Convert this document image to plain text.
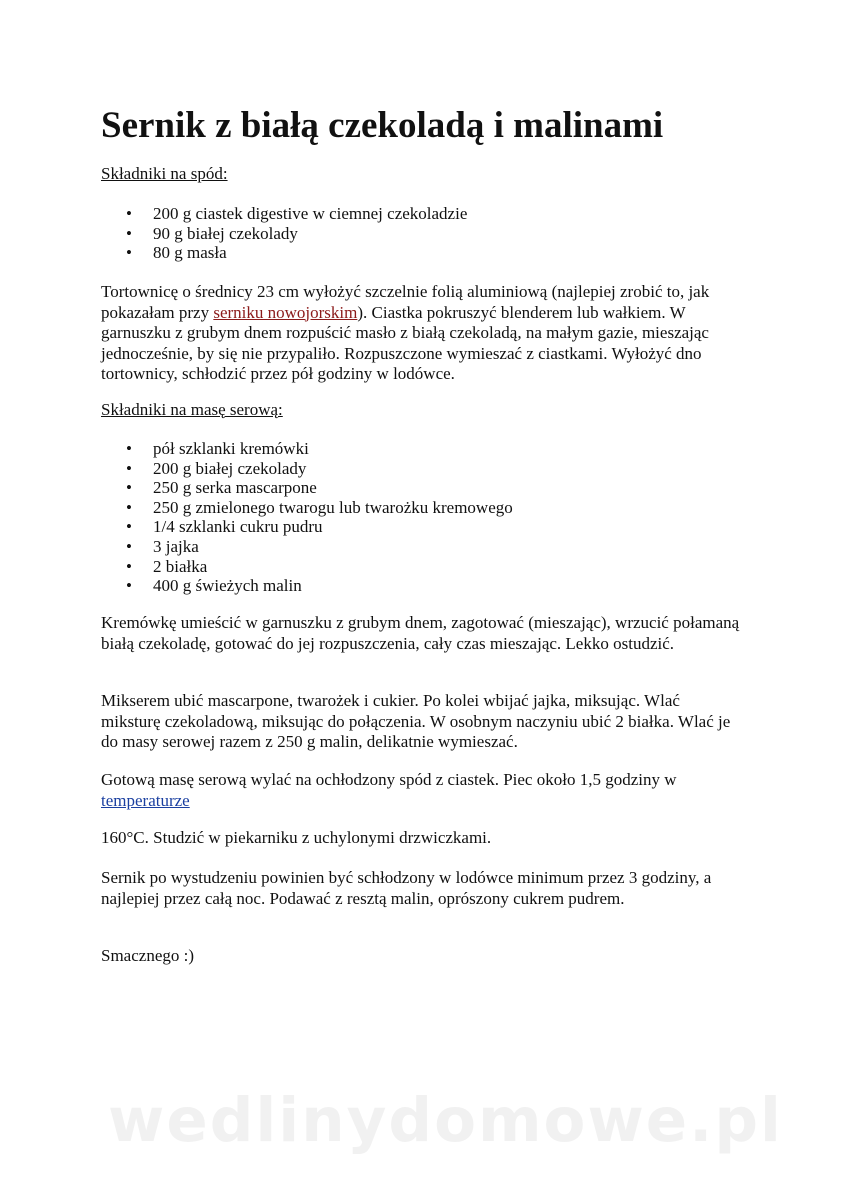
Sernik z białą czekoladą i malinami
Składniki na spód:
• 200 g ciastek digestive w ciemnej czekoladzie
• 90 g białej czekolady
• 80 g masła

Tortownicę o średnicy 23 cm wyłożyć szczelnie folią aluminiową (najlepiej zrobić to, jak pokazałam przy serniku nowojorskim). Ciastka pokruszyć blenderem lub wałkiem. W garnuszku z grubym dnem rozpuścić masło z białą czekoladą, na małym gazie, mieszając jednocześnie, by się nie przypaliło. Rozpuszczone wymieszać z ciastkami. Wyłożyć dno tortownicy, schłodzić przez pół godziny w lodówce.

Składniki na masę serową:
• pół szklanki kremówki
• 200 g białej czekolady
• 250 g serka mascarpone
• 250 g zmielonego twarogu lub twarożku kremowego
• 1/4 szklanki cukru pudru
• 3 jajka
• 2 białka
• 400 g świeżych malin

Kremówkę umieścić w garnuszku z grubym dnem, zagotować (mieszając), wrzucić połamaną białą czekoladę, gotować do jej rozpuszczenia, cały czas mieszając. Lekko ostudzić.

Mikserem ubić mascarpone, twarożek i cukier. Po kolei wbijać jajka, miksując. Wlać miksturę czekoladową, miksując do połączenia. W osobnym naczyniu ubić 2 białka. Wlać je do masy serowej razem z 250 g malin, delikatnie wymieszać.

Gotową masę serową wylać na ochłodzony spód z ciastek. Piec około 1,5 godziny w
temperaturze

160°C. Studzić w piekarniku z uchylonymi drzwiczkami.

Sernik po wystudzeniu powinien być schłodzony w lodówce minimum przez 3 godziny, a najlepiej przez całą noc. Podawać z resztą malin, oprószony cukrem pudrem.

Smacznego :)

wedlinydomowe.pl
